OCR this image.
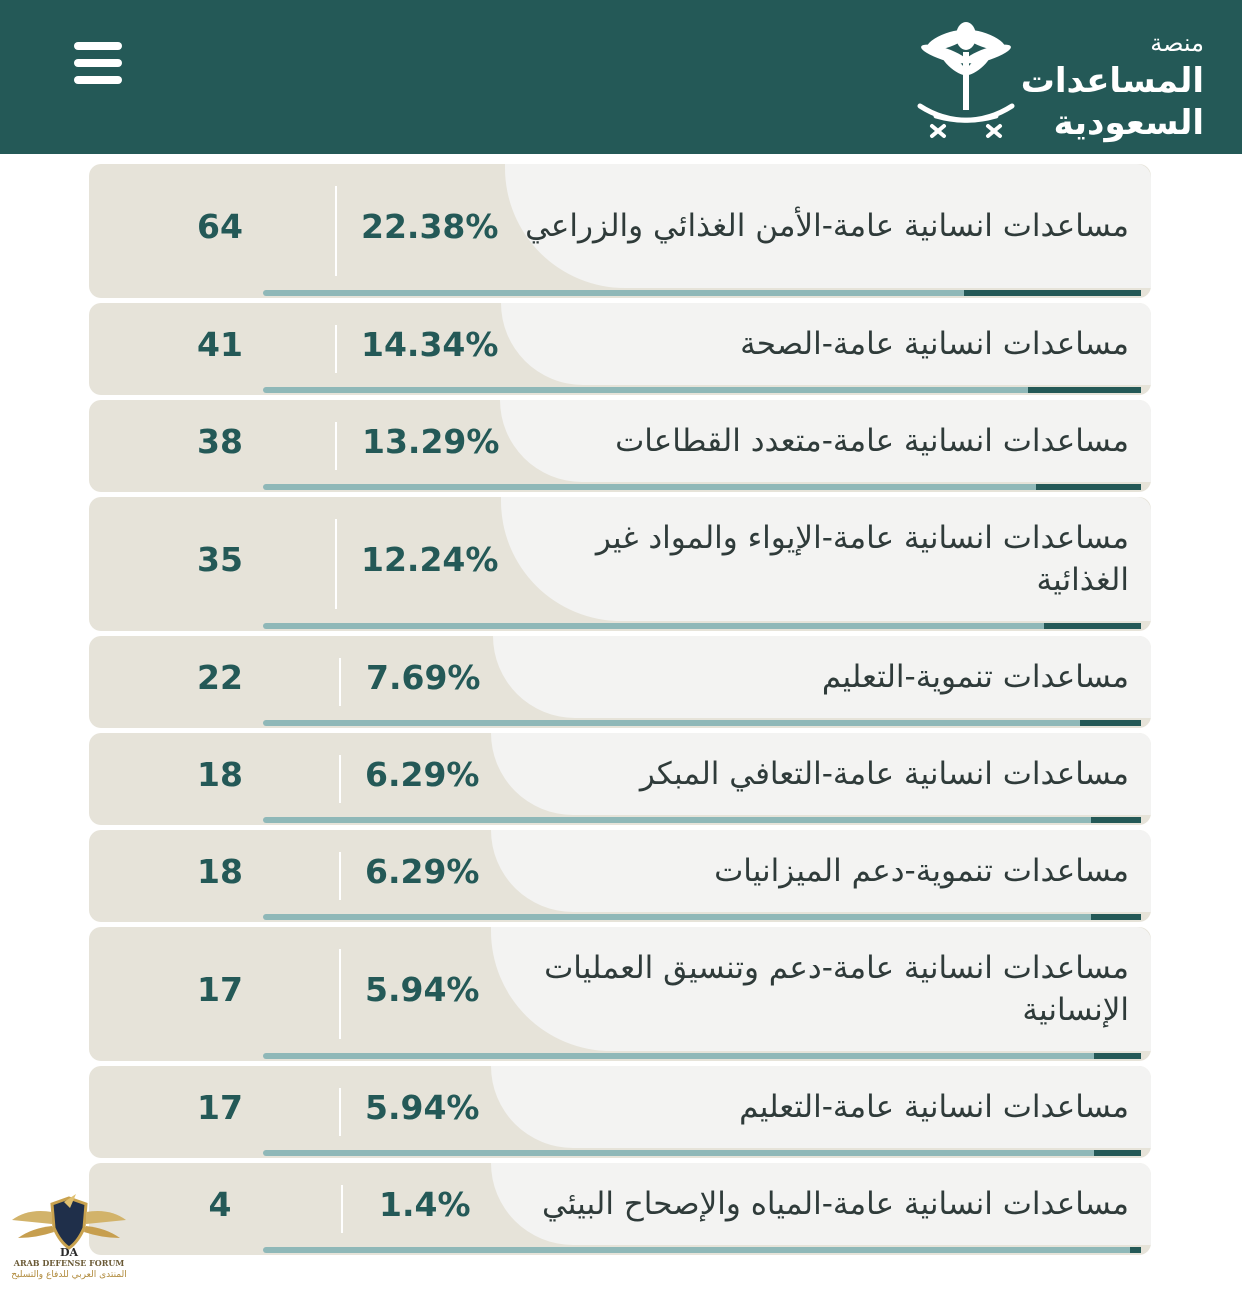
منصة
المساعدات
السعودية
مساعدات انسانية عامة-الأمن الغذائي والزراعي
22.38%
64
مساعدات انسانية عامة-الصحة
14.34%
41
مساعدات انسانية عامة-متعدد القطاعات
13.29%
38
مساعدات انسانية عامة-الإيواء والمواد غير الغذائية
12.24%
35
مساعدات تنموية-التعليم
7.69%
22
مساعدات انسانية عامة-التعافي المبكر
6.29%
18
مساعدات تنموية-دعم الميزانيات
6.29%
18
مساعدات انسانية عامة-دعم وتنسيق العمليات الإنسانية
5.94%
17
مساعدات انسانية عامة-التعليم
5.94%
17
مساعدات انسانية عامة-المياه والإصحاح البيئي
1.4%
4
DA
ARAB DEFENSE FORUM
المنتدى العربي للدفاع والتسليح
